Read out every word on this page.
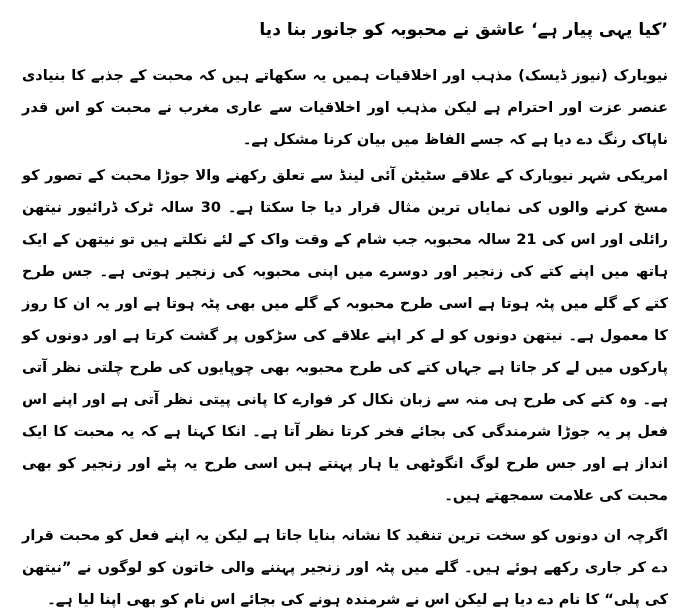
’کیا یہی پیار ہے‘ عاشق نے محبوبہ کو جانور بنا دیا

نیویارک (نیوز ڈیسک) مذہب اور اخلاقیات ہمیں یہ سکھاتے ہیں کہ محبت کے جذبے کا بنیادی عنصر عزت اور احترام ہے لیکن مذہب اور اخلاقیات سے عاری مغرب نے محبت کو اس قدر ناپاک رنگ دے دیا ہے کہ جسے الفاظ میں بیان کرنا مشکل ہے۔

امریکی شہر نیویارک کے علاقے سٹیٹن آئی لینڈ سے تعلق رکھنے والا جوڑا محبت کے تصور کو مسخ کرنے والوں کی نمایاں ترین مثال قرار دیا جا سکتا ہے۔ 30 سالہ ٹرک ڈرائیور نیتھن رائلی اور اس کی 21 سالہ محبوبہ جب شام کے وقت واک کے لئے نکلتے ہیں تو نیتھن کے ایک ہاتھ میں اپنے کتے کی زنجیر اور دوسرے میں اپنی محبوبہ کی زنجیر ہوتی ہے۔ جس طرح کتے کے گلے میں پٹہ ہوتا ہے اسی طرح محبوبہ کے گلے میں بھی پٹہ ہوتا ہے اور یہ ان کا روز کا معمول ہے۔ نیتھن دونوں کو لے کر اپنے علاقے کی سڑکوں پر گشت کرتا ہے اور دونوں کو پارکوں میں لے کر جاتا ہے جہاں کتے کی طرح محبوبہ بھی چوپایوں کی طرح چلتی نظر آتی ہے۔ وہ کتے کی طرح ہی منہ سے زبان نکال کر فوارے کا پانی پیتی نظر آتی ہے اور اپنے اس فعل پر یہ جوڑا شرمندگی کی بجائے فخر کرتا نظر آتا ہے۔ انکا کہنا ہے کہ یہ محبت کا ایک انداز ہے اور جس طرح لوگ انگوٹھی یا ہار پہنتے ہیں اسی طرح یہ پٹے اور زنجیر کو بھی محبت کی علامت سمجھتے ہیں۔

اگرچہ ان دونوں کو سخت ترین تنقید کا نشانہ بنایا جاتا ہے لیکن یہ اپنے فعل کو محبت قرار دے کر جاری رکھے ہوئے ہیں۔ گلے میں پٹہ اور زنجیر پہننے والی خاتون کو لوگوں نے ”نیتھن کی پلی“ کا نام دے دیا ہے لیکن اس نے شرمندہ ہونے کی بجائے اس نام کو بھی اپنا لیا ہے۔
